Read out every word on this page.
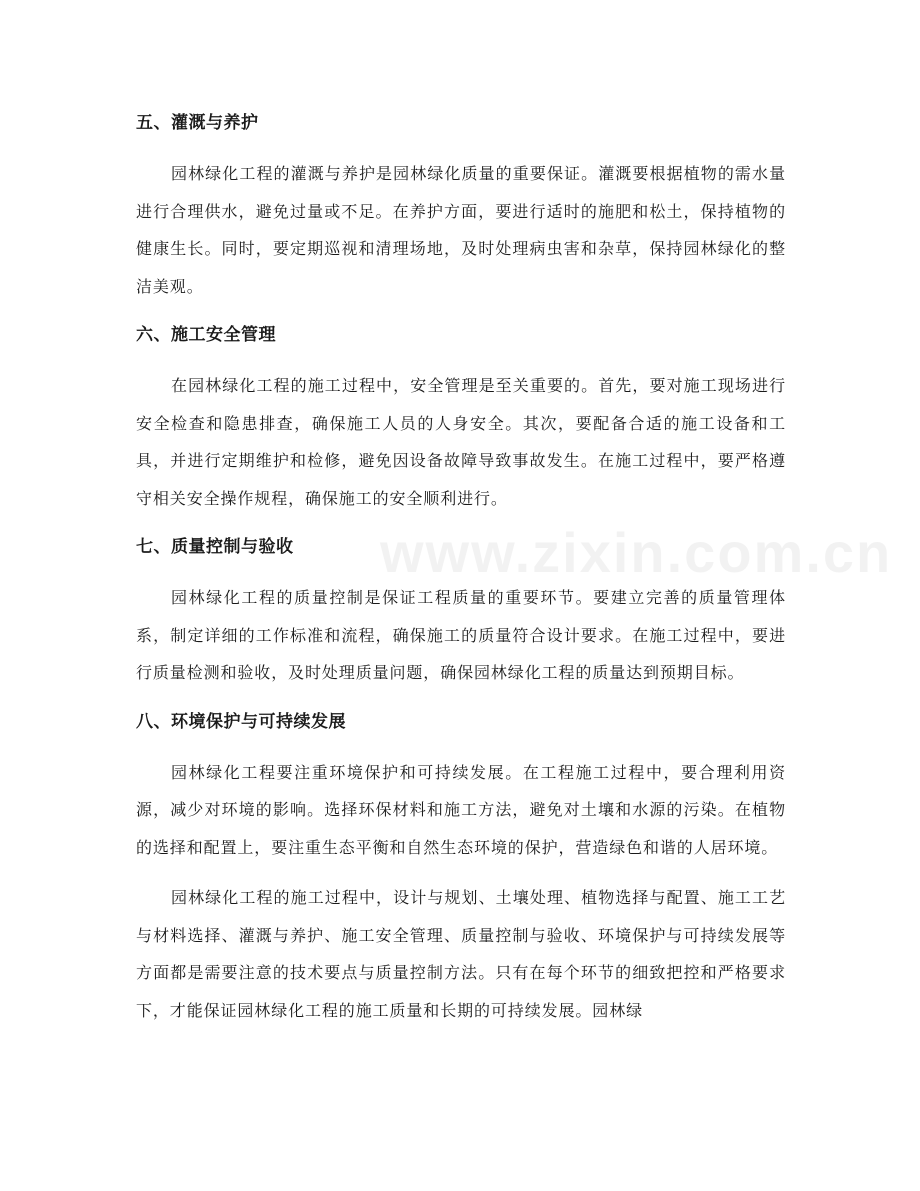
www.zixin.com.cn
五、灌溉与养护

园林绿化工程的灌溉与养护是园林绿化质量的重要保证。灌溉要根据植物的需水量进行合理供水，避免过量或不足。在养护方面，要进行适时的施肥和松土，保持植物的健康生长。同时，要定期巡视和清理场地，及时处理病虫害和杂草，保持园林绿化的整洁美观。

六、施工安全管理

在园林绿化工程的施工过程中，安全管理是至关重要的。首先，要对施工现场进行安全检查和隐患排查，确保施工人员的人身安全。其次，要配备合适的施工设备和工具，并进行定期维护和检修，避免因设备故障导致事故发生。在施工过程中，要严格遵守相关安全操作规程，确保施工的安全顺利进行。

七、质量控制与验收

园林绿化工程的质量控制是保证工程质量的重要环节。要建立完善的质量管理体系，制定详细的工作标准和流程，确保施工的质量符合设计要求。在施工过程中，要进行质量检测和验收，及时处理质量问题，确保园林绿化工程的质量达到预期目标。

八、环境保护与可持续发展

园林绿化工程要注重环境保护和可持续发展。在工程施工过程中，要合理利用资源，减少对环境的影响。选择环保材料和施工方法，避免对土壤和水源的污染。在植物的选择和配置上，要注重生态平衡和自然生态环境的保护，营造绿色和谐的人居环境。

园林绿化工程的施工过程中，设计与规划、土壤处理、植物选择与配置、施工工艺与材料选择、灌溉与养护、施工安全管理、质量控制与验收、环境保护与可持续发展等方面都是需要注意的技术要点与质量控制方法。只有在每个环节的细致把控和严格要求下，才能保证园林绿化工程的施工质量和长期的可持续发展。园林绿
